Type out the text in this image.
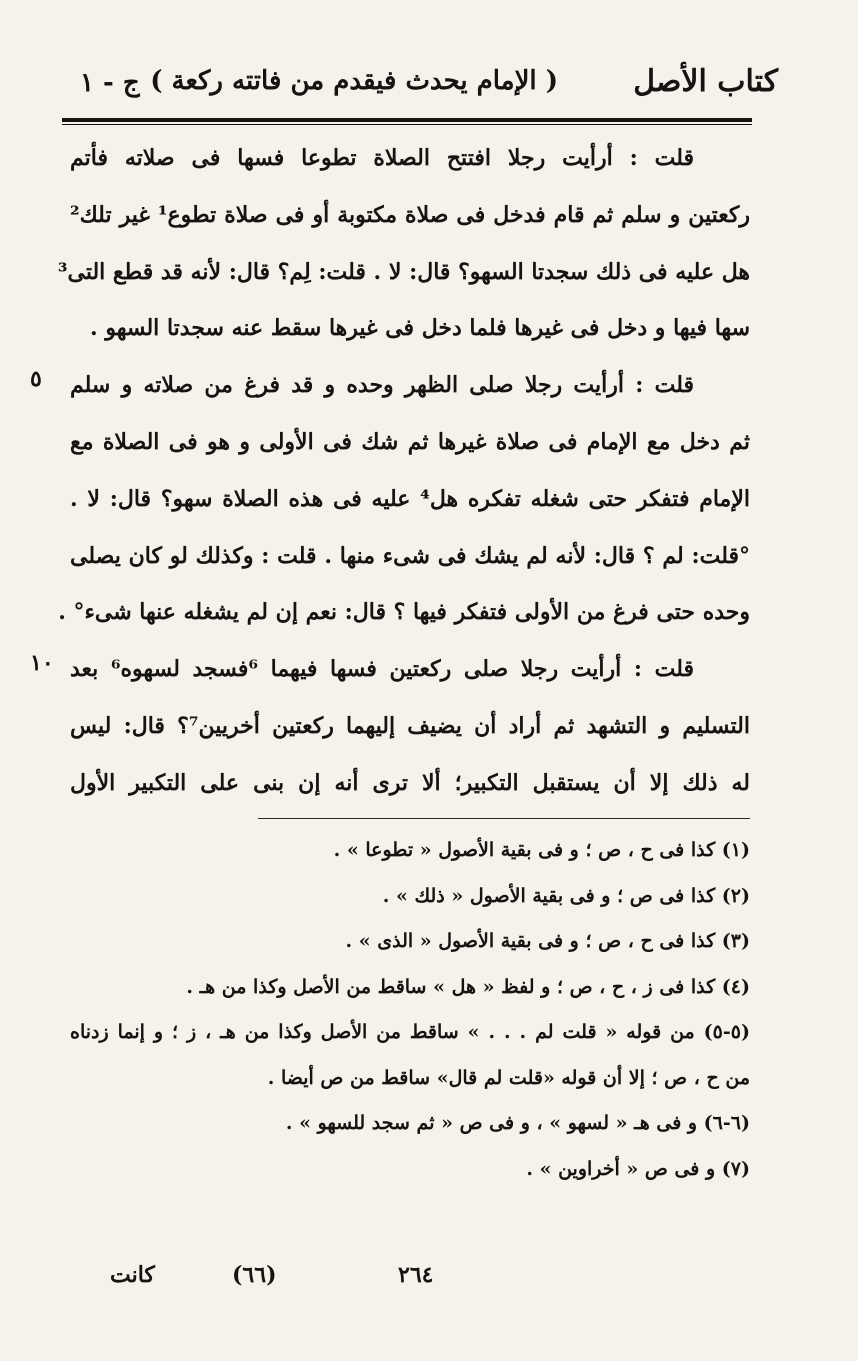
كتاب الأصل
( الإمام يحدث فيقدم من فاتته ركعة )
ج - ١
قلت : أرأيت رجلا افتتح الصلاة تطوعا فسها فى صلاته فأتم
ركعتين و سلم ثم قام فدخل فى صلاة مكتوبة أو فى صلاة تطوع¹ غير تلك²
هل عليه فى ذلك سجدتا السهو؟ قال: لا . قلت: لِم؟ قال: لأنه قد قطع التى³
سها فيها و دخل فى غيرها فلما دخل فى غيرها سقط عنه سجدتا السهو .
قلت : أرأيت رجلا صلى الظهر وحده و قد فرغ من صلاته و سلم
ثم دخل مع الإمام فى صلاة غيرها ثم شك فى الأولى و هو فى الصلاة مع
الإمام فتفكر حتى شغله تفكره هل⁴ عليه فى هذه الصلاة سهو؟ قال: لا .
°قلت: لم ؟ قال: لأنه لم يشك فى شىء منها . قلت : وكذلك لو كان يصلى
وحده حتى فرغ من الأولى فتفكر فيها ؟ قال: نعم إن لم يشغله عنها شىء° .
قلت : أرأيت رجلا صلى ركعتين فسها فيهما ⁶فسجد لسهوه⁶ بعد
التسليم و التشهد ثم أراد أن يضيف إليهما ركعتين أخريين⁷؟ قال: ليس
له ذلك إلا أن يستقبل التكبير؛ ألا ترى أنه إن بنى على التكبير الأول
٥
١٠
(١) كذا فى ح ، ص ؛ و فى بقية الأصول « تطوعا » .
(٢) كذا فى ص ؛ و فى بقية الأصول « ذلك » .
(٣) كذا فى ح ، ص ؛ و فى بقية الأصول « الذى » .
(٤) كذا فى ز ، ح ، ص ؛ و لفظ « هل » ساقط من الأصل وكذا من هـ .
(٥-٥) من قوله « قلت لم . . . » ساقط من الأصل وكذا من هـ ، ز ؛ و إنما زدناه
من ح ، ص ؛ إلا أن قوله «قلت لم قال» ساقط من ص أيضا .
(٦-٦) و فى هـ « لسهو » ، و فى ص « ثم سجد للسهو » .
(٧) و فى ص « أخراوين » .
كانت	(٦٦)	٢٦٤
